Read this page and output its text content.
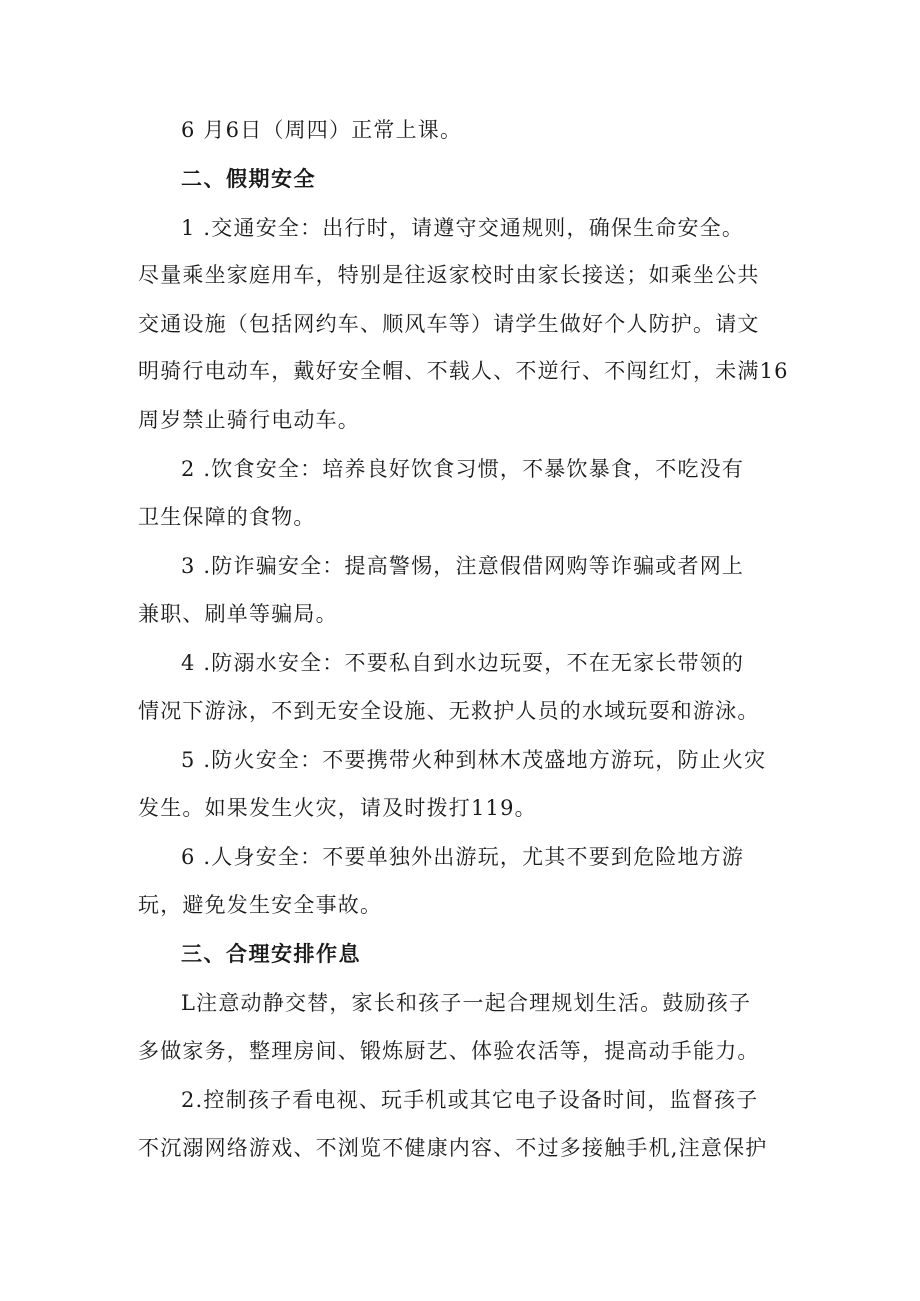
6 月6日（周四）正常上课。
二、假期安全
1 .交通安全：出行时，请遵守交通规则，确保生命安全。
尽量乘坐家庭用车，特别是往返家校时由家长接送；如乘坐公共
交通设施（包括网约车、顺风车等）请学生做好个人防护。请文
明骑行电动车，戴好安全帽、不载人、不逆行、不闯红灯，未满16
周岁禁止骑行电动车。
2 .饮食安全：培养良好饮食习惯，不暴饮暴食，不吃没有
卫生保障的食物。
3 .防诈骗安全：提高警惕，注意假借网购等诈骗或者网上
兼职、刷单等骗局。
4 .防溺水安全：不要私自到水边玩耍，不在无家长带领的
情况下游泳，不到无安全设施、无救护人员的水域玩耍和游泳。
5 .防火安全：不要携带火种到林木茂盛地方游玩，防止火灾
发生。如果发生火灾，请及时拨打119。
6 .人身安全：不要单独外出游玩，尤其不要到危险地方游
玩，避免发生安全事故。
三、合理安排作息
L注意动静交替，家长和孩子一起合理规划生活。鼓励孩子
多做家务，整理房间、锻炼厨艺、体验农活等，提高动手能力。
2.控制孩子看电视、玩手机或其它电子设备时间，监督孩子
不沉溺网络游戏、不浏览不健康内容、不过多接触手机,注意保护
